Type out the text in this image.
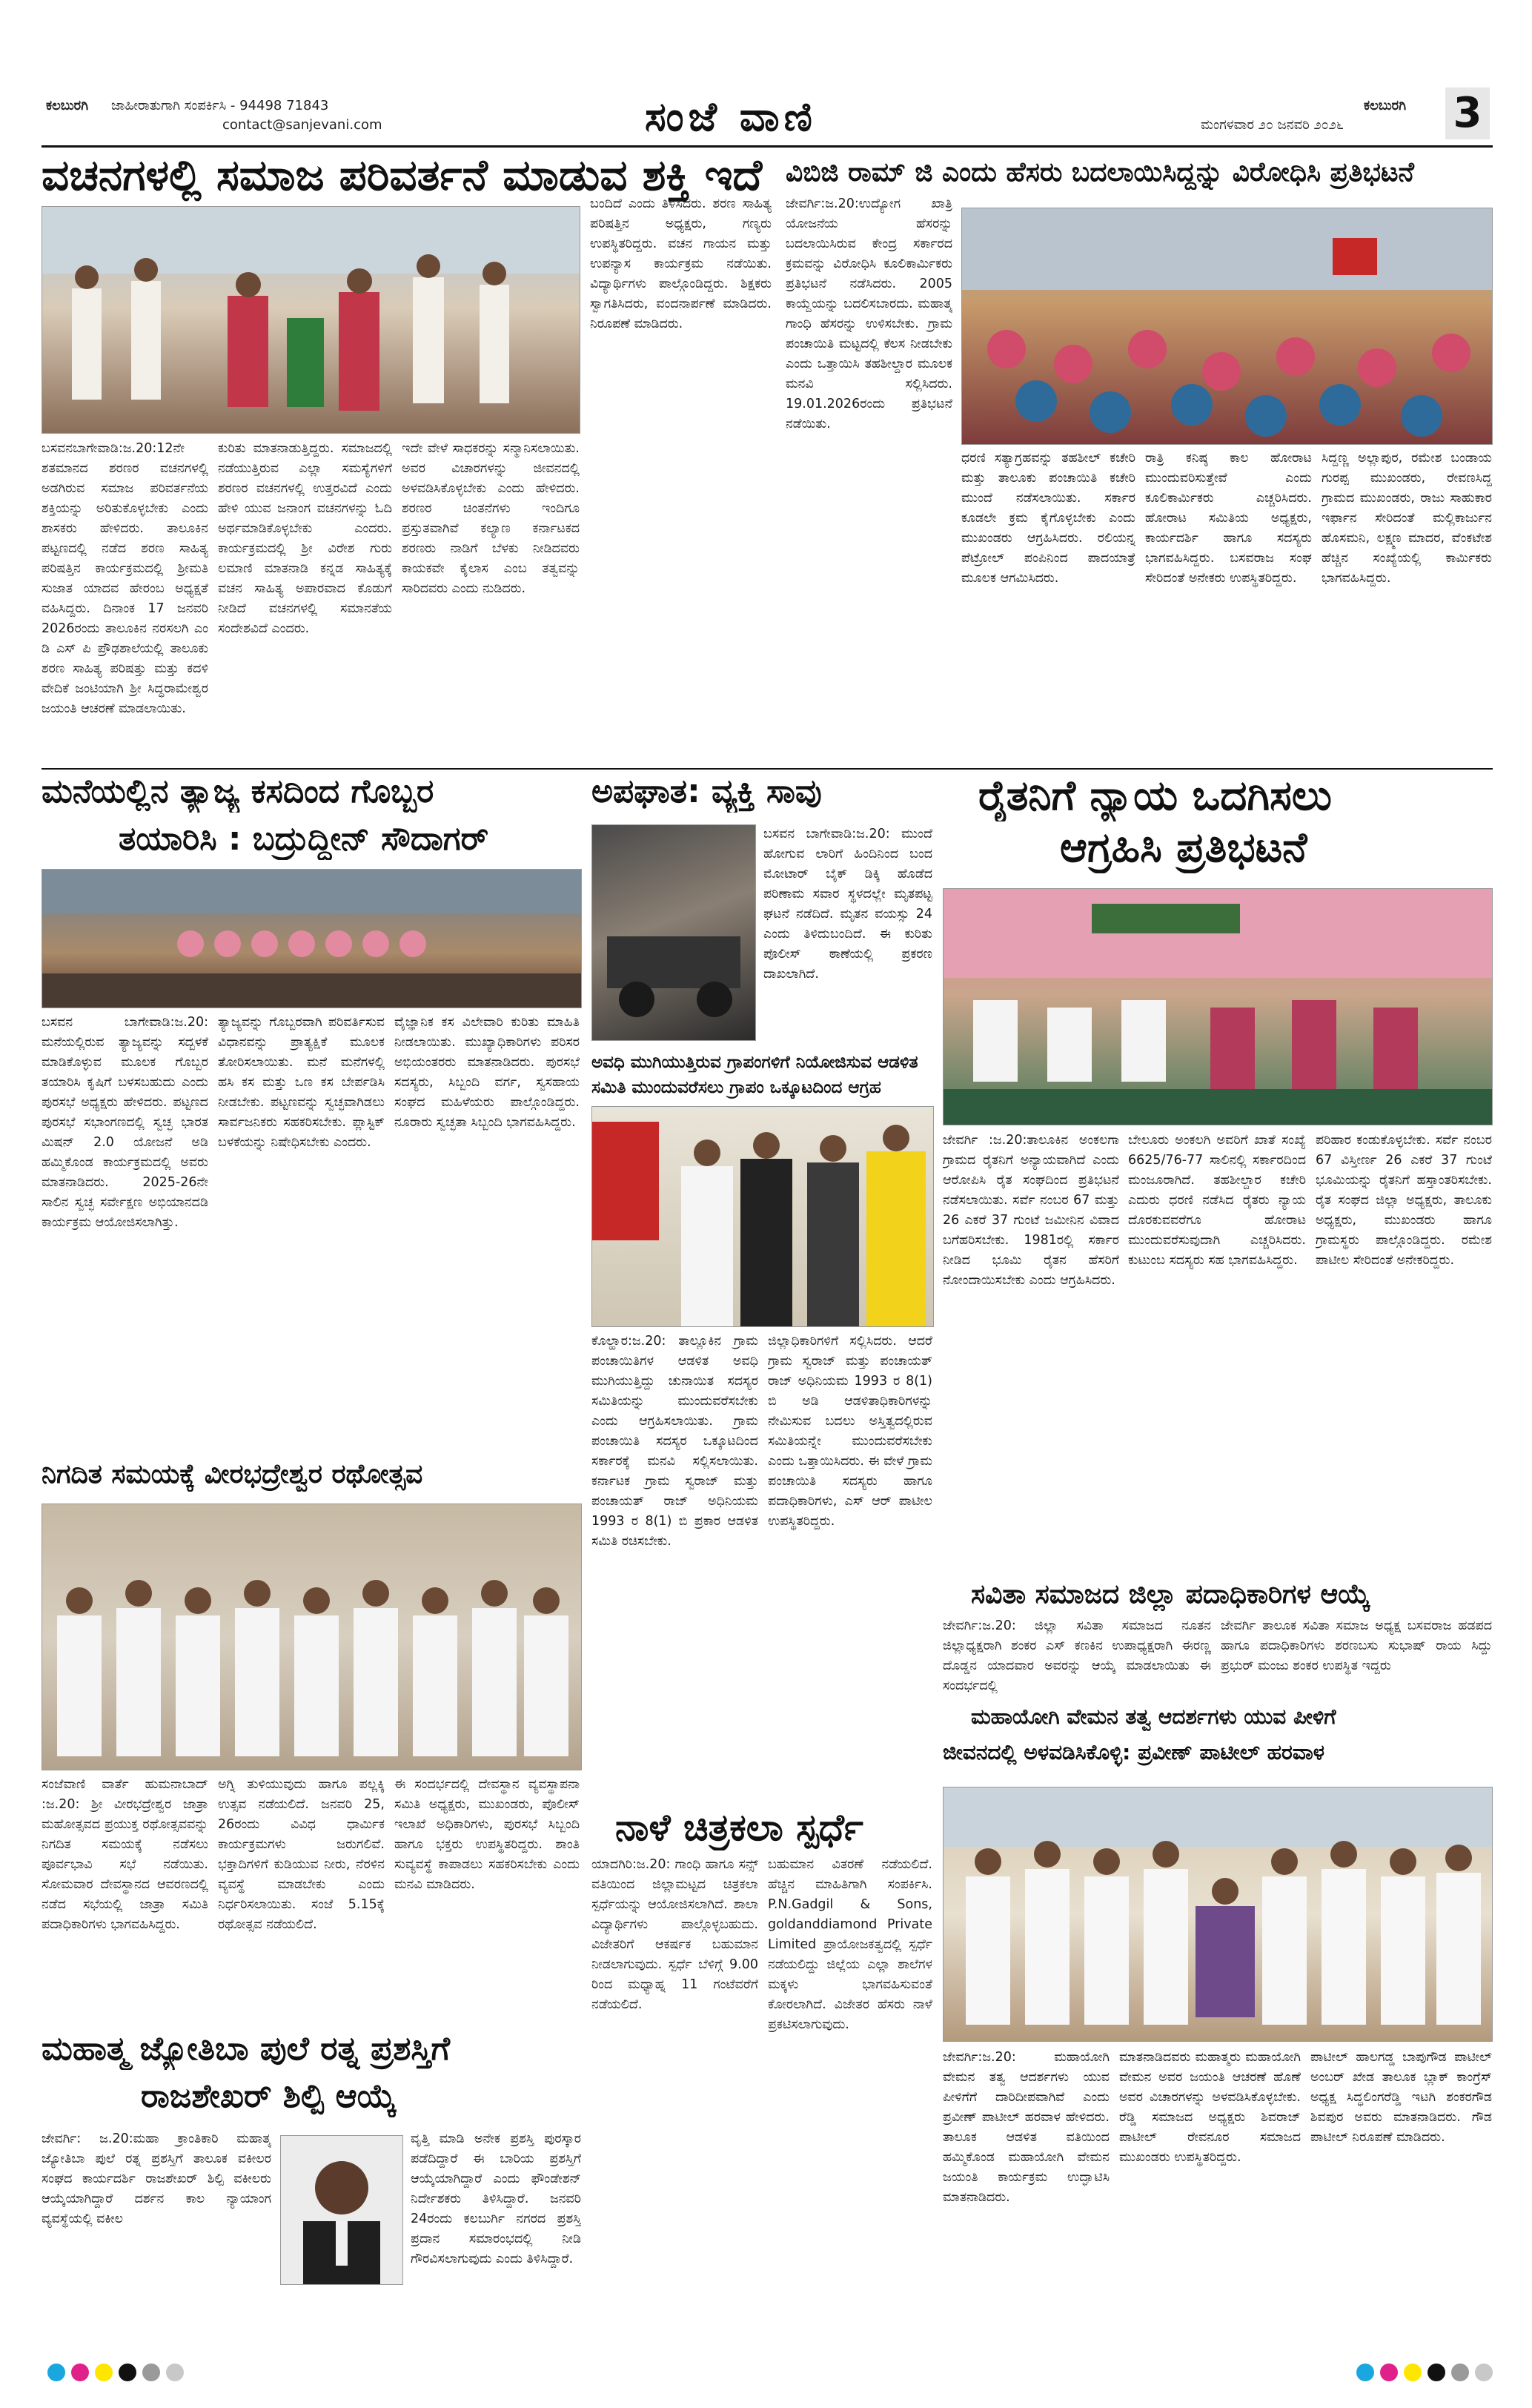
ಕಲಬುರಗಿ ಜಾಹೀರಾತುಗಾಗಿ ಸಂಪರ್ಕಿಸಿ - 94498 71843
contact@sanjevani.com	ಸಂಜೆ ವಾಣಿ	ಮಂಗಳವಾರ ೨೦ ಜನವರಿ ೨೦೨೬
ಕಲಬುರಗಿ 3
ವಚನಗಳಲ್ಲಿ ಸಮಾಜ ಪರಿವರ್ತನೆ ಮಾಡುವ ಶಕ್ತಿ ಇದೆ
ಬಸವನಬಾಗೇವಾಡಿ:ಜ.20:12ನೇ ಶತಮಾನದ ಶರಣರ ವಚನಗಳಲ್ಲಿ ಅಡಗಿರುವ ಸಮಾಜ ಪರಿವರ್ತನೆಯ ಶಕ್ತಿಯನ್ನು ಅರಿತುಕೊಳ್ಳಬೇಕು ಎಂದು ಶಾಸಕರು ಹೇಳಿದರು. ತಾಲೂಕಿನ ಪಟ್ಟಣದಲ್ಲಿ ನಡೆದ ಶರಣ ಸಾಹಿತ್ಯ ಪರಿಷತ್ತಿನ ಕಾರ್ಯಕ್ರಮದಲ್ಲಿ ಶ್ರೀಮತಿ ಸುಜಾತ ಯಾದವ ಹೇರಂಬ ಅಧ್ಯಕ್ಷತೆ ವಹಿಸಿದ್ದರು. ದಿನಾಂಕ 17 ಜನವರಿ 2026ರಂದು ತಾಲೂಕಿನ ನರಸಲಗಿ ಎಂ ಡಿ ಎಸ್ ಪಿ ಪ್ರೌಢಶಾಲೆಯಲ್ಲಿ ತಾಲೂಕು ಶರಣ ಸಾಹಿತ್ಯ ಪರಿಷತ್ತು ಮತ್ತು ಕದಳಿ ವೇದಿಕೆ ಜಂಟಿಯಾಗಿ ಶ್ರೀ ಸಿದ್ಧರಾಮೇಶ್ವರ ಜಯಂತಿ ಆಚರಣೆ ಮಾಡಲಾಯಿತು.
ಕುರಿತು ಮಾತನಾಡುತ್ತಿದ್ದರು. ಸಮಾಜದಲ್ಲಿ ನಡೆಯುತ್ತಿರುವ ಎಲ್ಲಾ ಸಮಸ್ಯೆಗಳಿಗೆ ಶರಣರ ವಚನಗಳಲ್ಲಿ ಉತ್ತರವಿದೆ ಎಂದು ಹೇಳಿ ಯುವ ಜನಾಂಗ ವಚನಗಳನ್ನು ಓದಿ ಅರ್ಥಮಾಡಿಕೊಳ್ಳಬೇಕು ಎಂದರು. ಕಾರ್ಯಕ್ರಮದಲ್ಲಿ ಶ್ರೀ ವಿರೇಶ ಗುರು ಲಮಾಣಿ ಮಾತನಾಡಿ ಕನ್ನಡ ಸಾಹಿತ್ಯಕ್ಕೆ ವಚನ ಸಾಹಿತ್ಯ ಅಪಾರವಾದ ಕೊಡುಗೆ ನೀಡಿದೆ ವಚನಗಳಲ್ಲಿ ಸಮಾನತೆಯ ಸಂದೇಶವಿದೆ ಎಂದರು.
ಇದೇ ವೇಳೆ ಸಾಧಕರನ್ನು ಸನ್ಮಾನಿಸಲಾಯಿತು. ಅವರ ವಿಚಾರಗಳನ್ನು ಜೀವನದಲ್ಲಿ ಅಳವಡಿಸಿಕೊಳ್ಳಬೇಕು ಎಂದು ಹೇಳಿದರು. ಶರಣರ ಚಿಂತನೆಗಳು ಇಂದಿಗೂ ಪ್ರಸ್ತುತವಾಗಿವೆ ಕಲ್ಯಾಣ ಕರ್ನಾಟಕದ ಶರಣರು ನಾಡಿಗೆ ಬೆಳಕು ನೀಡಿದವರು ಕಾಯಕವೇ ಕೈಲಾಸ ಎಂಬ ತತ್ವವನ್ನು ಸಾರಿದವರು ಎಂದು ನುಡಿದರು.
ಬಂದಿದೆ ಎಂದು ತಿಳಿಸಿದರು. ಶರಣ ಸಾಹಿತ್ಯ ಪರಿಷತ್ತಿನ ಅಧ್ಯಕ್ಷರು, ಗಣ್ಯರು ಉಪಸ್ಥಿತರಿದ್ದರು. ವಚನ ಗಾಯನ ಮತ್ತು ಉಪನ್ಯಾಸ ಕಾರ್ಯಕ್ರಮ ನಡೆಯಿತು. ವಿದ್ಯಾರ್ಥಿಗಳು ಪಾಲ್ಗೊಂಡಿದ್ದರು. ಶಿಕ್ಷಕರು ಸ್ವಾಗತಿಸಿದರು, ವಂದನಾರ್ಪಣೆ ಮಾಡಿದರು. ನಿರೂಪಣೆ ಮಾಡಿದರು.
ವಿಬಿಜಿ ರಾಮ್ ಜಿ ಎಂದು ಹೆಸರು ಬದಲಾಯಿಸಿದ್ದನ್ನು ವಿರೋಧಿಸಿ ಪ್ರತಿಭಟನೆ
ಜೇವರ್ಗಿ:ಜ.20:ಉದ್ಯೋಗ ಖಾತ್ರಿ ಯೋಜನೆಯ ಹೆಸರನ್ನು ಬದಲಾಯಿಸಿರುವ ಕೇಂದ್ರ ಸರ್ಕಾರದ ಕ್ರಮವನ್ನು ವಿರೋಧಿಸಿ ಕೂಲಿಕಾರ್ಮಿಕರು ಪ್ರತಿಭಟನೆ ನಡೆಸಿದರು. 2005 ಕಾಯ್ದೆಯನ್ನು ಬದಲಿಸಬಾರದು. ಮಹಾತ್ಮ ಗಾಂಧಿ ಹೆಸರನ್ನು ಉಳಿಸಬೇಕು. ಗ್ರಾಮ ಪಂಚಾಯಿತಿ ಮಟ್ಟದಲ್ಲಿ ಕೆಲಸ ನೀಡಬೇಕು ಎಂದು ಒತ್ತಾಯಿಸಿ ತಹಶೀಲ್ದಾರ ಮೂಲಕ ಮನವಿ ಸಲ್ಲಿಸಿದರು. 19.01.2026ರಂದು ಪ್ರತಿಭಟನೆ ನಡೆಯಿತು.
ಧರಣಿ ಸತ್ಯಾಗ್ರಹವನ್ನು ತಹಶೀಲ್ ಕಚೇರಿ ಮತ್ತು ತಾಲೂಕು ಪಂಚಾಯಿತಿ ಕಚೇರಿ ಮುಂದೆ ನಡೆಸಲಾಯಿತು. ಸರ್ಕಾರ ಕೂಡಲೇ ಕ್ರಮ ಕೈಗೊಳ್ಳಬೇಕು ಎಂದು ಮುಖಂಡರು ಆಗ್ರಹಿಸಿದರು. ರಲಿಯನ್ನ ಪೆಟ್ರೋಲ್ ಪಂಪಿನಿಂದ ಪಾದಯಾತ್ರೆ ಮೂಲಕ ಆಗಮಿಸಿದರು.
ರಾತ್ರಿ ಕನಿಷ್ಠ ಕಾಲ ಹೋರಾಟ ಮುಂದುವರಿಸುತ್ತೇವೆ ಎಂದು ಕೂಲಿಕಾರ್ಮಿಕರು ಎಚ್ಚರಿಸಿದರು. ಹೋರಾಟ ಸಮಿತಿಯ ಅಧ್ಯಕ್ಷರು, ಕಾರ್ಯದರ್ಶಿ ಹಾಗೂ ಸದಸ್ಯರು ಭಾಗವಹಿಸಿದ್ದರು. ಬಸವರಾಜ ಸಂಘ ಸೇರಿದಂತೆ ಅನೇಕರು ಉಪಸ್ಥಿತರಿದ್ದರು.
ಸಿದ್ದಣ್ಣ ಅಲ್ಲಾಪುರ, ರಮೇಶ ಬಂಡಾಯ ಗುರಪ್ಪ ಮುಖಂಡರು, ರೇವಣಸಿದ್ದ ಗ್ರಾಮದ ಮುಖಂಡರು, ರಾಜು ಸಾಹುಕಾರ ಇರ್ಫಾನ ಸೇರಿದಂತೆ ಮಲ್ಲಿಕಾರ್ಜುನ ಹೊಸಮನಿ, ಲಕ್ಷ್ಮಣ ಮಾದರ, ವೆಂಕಟೇಶ ಹೆಚ್ಚಿನ ಸಂಖ್ಯೆಯಲ್ಲಿ ಕಾರ್ಮಿಕರು ಭಾಗವಹಿಸಿದ್ದರು.
ಮನೆಯಲ್ಲಿನ ತ್ಯಾಜ್ಯ ಕಸದಿಂದ ಗೊಬ್ಬರ
ತಯಾರಿಸಿ : ಬದ್ರುದ್ದೀನ್ ಸೌದಾಗರ್
ಬಸವನ ಬಾಗೇವಾಡಿ:ಜ.20: ಮನೆಯಲ್ಲಿರುವ ತ್ಯಾಜ್ಯವನ್ನು ಸದ್ಬಳಕೆ ಮಾಡಿಕೊಳ್ಳುವ ಮೂಲಕ ಗೊಬ್ಬರ ತಯಾರಿಸಿ ಕೃಷಿಗೆ ಬಳಸಬಹುದು ಎಂದು ಪುರಸಭೆ ಅಧ್ಯಕ್ಷರು ಹೇಳಿದರು. ಪಟ್ಟಣದ ಪುರಸಭೆ ಸಭಾಂಗಣದಲ್ಲಿ ಸ್ವಚ್ಛ ಭಾರತ ಮಿಷನ್ 2.0 ಯೋಜನೆ ಅಡಿ ಹಮ್ಮಿಕೊಂಡ ಕಾರ್ಯಕ್ರಮದಲ್ಲಿ ಅವರು ಮಾತನಾಡಿದರು. 2025-26ನೇ ಸಾಲಿನ ಸ್ವಚ್ಛ ಸರ್ವೇಕ್ಷಣ ಅಭಿಯಾನದಡಿ ಕಾರ್ಯಕ್ರಮ ಆಯೋಜಿಸಲಾಗಿತ್ತು.
ತ್ಯಾಜ್ಯವನ್ನು ಗೊಬ್ಬರವಾಗಿ ಪರಿವರ್ತಿಸುವ ವಿಧಾನವನ್ನು ಪ್ರಾತ್ಯಕ್ಷಿಕೆ ಮೂಲಕ ತೋರಿಸಲಾಯಿತು. ಮನೆ ಮನೆಗಳಲ್ಲಿ ಹಸಿ ಕಸ ಮತ್ತು ಒಣ ಕಸ ಬೇರ್ಪಡಿಸಿ ನೀಡಬೇಕು. ಪಟ್ಟಣವನ್ನು ಸ್ವಚ್ಛವಾಗಿಡಲು ಸಾರ್ವಜನಿಕರು ಸಹಕರಿಸಬೇಕು. ಪ್ಲಾಸ್ಟಿಕ್ ಬಳಕೆಯನ್ನು ನಿಷೇಧಿಸಬೇಕು ಎಂದರು.
ವೈಜ್ಞಾನಿಕ ಕಸ ವಿಲೇವಾರಿ ಕುರಿತು ಮಾಹಿತಿ ನೀಡಲಾಯಿತು. ಮುಖ್ಯಾಧಿಕಾರಿಗಳು ಪರಿಸರ ಅಭಿಯಂತರರು ಮಾತನಾಡಿದರು. ಪುರಸಭೆ ಸದಸ್ಯರು, ಸಿಬ್ಬಂದಿ ವರ್ಗ, ಸ್ವಸಹಾಯ ಸಂಘದ ಮಹಿಳೆಯರು ಪಾಲ್ಗೊಂಡಿದ್ದರು. ನೂರಾರು ಸ್ವಚ್ಛತಾ ಸಿಬ್ಬಂದಿ ಭಾಗವಹಿಸಿದ್ದರು.
ಅಪಘಾತ: ವ್ಯಕ್ತಿ ಸಾವು
ಬಸವನ ಬಾಗೇವಾಡಿ:ಜ.20: ಮುಂದೆ ಹೋಗುವ ಲಾರಿಗೆ ಹಿಂದಿನಿಂದ ಬಂದ ಮೋಟಾರ್ ಬೈಕ್ ಡಿಕ್ಕಿ ಹೊಡೆದ ಪರಿಣಾಮ ಸವಾರ ಸ್ಥಳದಲ್ಲೇ ಮೃತಪಟ್ಟ ಘಟನೆ ನಡೆದಿದೆ. ಮೃತನ ವಯಸ್ಸು 24 ಎಂದು ತಿಳಿದುಬಂದಿದೆ. ಈ ಕುರಿತು ಪೊಲೀಸ್ ಠಾಣೆಯಲ್ಲಿ ಪ್ರಕರಣ ದಾಖಲಾಗಿದೆ.
ಅವಧಿ ಮುಗಿಯುತ್ತಿರುವ ಗ್ರಾಪಂಗಳಿಗೆ ನಿಯೋಜಿಸುವ ಆಡಳಿತ
ಸಮಿತಿ ಮುಂದುವರೆಸಲು ಗ್ರಾಪಂ ಒಕ್ಕೂಟದಿಂದ ಆಗ್ರಹ
ಕೊಲ್ಹಾರ:ಜ.20: ತಾಲ್ಲೂಕಿನ ಗ್ರಾಮ ಪಂಚಾಯಿತಿಗಳ ಆಡಳಿತ ಅವಧಿ ಮುಗಿಯುತ್ತಿದ್ದು ಚುನಾಯಿತ ಸದಸ್ಯರ ಸಮಿತಿಯನ್ನು ಮುಂದುವರೆಸಬೇಕು ಎಂದು ಆಗ್ರಹಿಸಲಾಯಿತು. ಗ್ರಾಮ ಪಂಚಾಯಿತಿ ಸದಸ್ಯರ ಒಕ್ಕೂಟದಿಂದ ಸರ್ಕಾರಕ್ಕೆ ಮನವಿ ಸಲ್ಲಿಸಲಾಯಿತು. ಕರ್ನಾಟಕ ಗ್ರಾಮ ಸ್ವರಾಜ್ ಮತ್ತು ಪಂಚಾಯತ್ ರಾಜ್ ಅಧಿನಿಯಮ 1993 ರ 8(1) ಬಿ ಪ್ರಕಾರ ಆಡಳಿತ ಸಮಿತಿ ರಚಿಸಬೇಕು.
ಜಿಲ್ಲಾಧಿಕಾರಿಗಳಿಗೆ ಸಲ್ಲಿಸಿದರು. ಆದರೆ ಗ್ರಾಮ ಸ್ವರಾಜ್ ಮತ್ತು ಪಂಚಾಯತ್ ರಾಜ್ ಅಧಿನಿಯಮ 1993 ರ 8(1) ಬಿ ಅಡಿ ಆಡಳಿತಾಧಿಕಾರಿಗಳನ್ನು ನೇಮಿಸುವ ಬದಲು ಅಸ್ತಿತ್ವದಲ್ಲಿರುವ ಸಮಿತಿಯನ್ನೇ ಮುಂದುವರೆಸಬೇಕು ಎಂದು ಒತ್ತಾಯಿಸಿದರು. ಈ ವೇಳೆ ಗ್ರಾಮ ಪಂಚಾಯಿತಿ ಸದಸ್ಯರು ಹಾಗೂ ಪದಾಧಿಕಾರಿಗಳು, ಎಸ್ ಆರ್ ಪಾಟೀಲ ಉಪಸ್ಥಿತರಿದ್ದರು.
ರೈತನಿಗೆ ನ್ಯಾಯ ಒದಗಿಸಲು
ಆಗ್ರಹಿಸಿ ಪ್ರತಿಭಟನೆ
ಜೇವರ್ಗಿ :ಜ.20:ತಾಲೂಕಿನ ಅಂಕಲಗಾ ಗ್ರಾಮದ ರೈತನಿಗೆ ಅನ್ಯಾಯವಾಗಿದೆ ಎಂದು ಆರೋಪಿಸಿ ರೈತ ಸಂಘದಿಂದ ಪ್ರತಿಭಟನೆ ನಡೆಸಲಾಯಿತು. ಸರ್ವೆ ನಂಬರ 67 ಮತ್ತು 26 ಎಕರೆ 37 ಗುಂಟೆ ಜಮೀನಿನ ವಿವಾದ ಬಗೆಹರಿಸಬೇಕು. 1981ರಲ್ಲಿ ಸರ್ಕಾರ ನೀಡಿದ ಭೂಮಿ ರೈತನ ಹೆಸರಿಗೆ ನೋಂದಾಯಿಸಬೇಕು ಎಂದು ಆಗ್ರಹಿಸಿದರು.
ಬೇಲೂರು ಅಂಕಲಗಿ ಅವರಿಗೆ ಖಾತೆ ಸಂಖ್ಯೆ 6625/76-77 ಸಾಲಿನಲ್ಲಿ ಸರ್ಕಾರದಿಂದ ಮಂಜೂರಾಗಿದೆ. ತಹಶೀಲ್ದಾರ ಕಚೇರಿ ಎದುರು ಧರಣಿ ನಡೆಸಿದ ರೈತರು ನ್ಯಾಯ ದೊರಕುವವರೆಗೂ ಹೋರಾಟ ಮುಂದುವರೆಸುವುದಾಗಿ ಎಚ್ಚರಿಸಿದರು. ಕುಟುಂಬ ಸದಸ್ಯರು ಸಹ ಭಾಗವಹಿಸಿದ್ದರು.
ಪರಿಹಾರ ಕಂಡುಕೊಳ್ಳಬೇಕು. ಸರ್ವೆ ನಂಬರ 67 ವಿಸ್ತೀರ್ಣ 26 ಎಕರೆ 37 ಗುಂಟೆ ಭೂಮಿಯನ್ನು ರೈತನಿಗೆ ಹಸ್ತಾಂತರಿಸಬೇಕು. ರೈತ ಸಂಘದ ಜಿಲ್ಲಾ ಅಧ್ಯಕ್ಷರು, ತಾಲೂಕು ಅಧ್ಯಕ್ಷರು, ಮುಖಂಡರು ಹಾಗೂ ಗ್ರಾಮಸ್ಥರು ಪಾಲ್ಗೊಂಡಿದ್ದರು. ರಮೇಶ ಪಾಟೀಲ ಸೇರಿದಂತೆ ಅನೇಕರಿದ್ದರು.
ನಿಗದಿತ ಸಮಯಕ್ಕೆ ವೀರಭದ್ರೇಶ್ವರ ರಥೋತ್ಸವ
ಸಂಜೆವಾಣಿ ವಾರ್ತೆ ಹುಮನಾಬಾದ್ :ಜ.20: ಶ್ರೀ ವೀರಭದ್ರೇಶ್ವರ ಜಾತ್ರಾ ಮಹೋತ್ಸವದ ಪ್ರಯುಕ್ತ ರಥೋತ್ಸವವನ್ನು ನಿಗದಿತ ಸಮಯಕ್ಕೆ ನಡೆಸಲು ಪೂರ್ವಭಾವಿ ಸಭೆ ನಡೆಯಿತು. ಸೋಮವಾರ ದೇವಸ್ಥಾನದ ಆವರಣದಲ್ಲಿ ನಡೆದ ಸಭೆಯಲ್ಲಿ ಜಾತ್ರಾ ಸಮಿತಿ ಪದಾಧಿಕಾರಿಗಳು ಭಾಗವಹಿಸಿದ್ದರು.
ಅಗ್ನಿ ತುಳಿಯುವುದು ಹಾಗೂ ಪಲ್ಲಕ್ಕಿ ಉತ್ಸವ ನಡೆಯಲಿದೆ. ಜನವರಿ 25, 26ರಂದು ವಿವಿಧ ಧಾರ್ಮಿಕ ಕಾರ್ಯಕ್ರಮಗಳು ಜರುಗಲಿವೆ. ಭಕ್ತಾದಿಗಳಿಗೆ ಕುಡಿಯುವ ನೀರು, ನೆರಳಿನ ವ್ಯವಸ್ಥೆ ಮಾಡಬೇಕು ಎಂದು ನಿರ್ಧರಿಸಲಾಯಿತು. ಸಂಜೆ 5.15ಕ್ಕೆ ರಥೋತ್ಸವ ನಡೆಯಲಿದೆ.
ಈ ಸಂದರ್ಭದಲ್ಲಿ ದೇವಸ್ಥಾನ ವ್ಯವಸ್ಥಾಪನಾ ಸಮಿತಿ ಅಧ್ಯಕ್ಷರು, ಮುಖಂಡರು, ಪೊಲೀಸ್ ಇಲಾಖೆ ಅಧಿಕಾರಿಗಳು, ಪುರಸಭೆ ಸಿಬ್ಬಂದಿ ಹಾಗೂ ಭಕ್ತರು ಉಪಸ್ಥಿತರಿದ್ದರು. ಶಾಂತಿ ಸುವ್ಯವಸ್ಥೆ ಕಾಪಾಡಲು ಸಹಕರಿಸಬೇಕು ಎಂದು ಮನವಿ ಮಾಡಿದರು.
ನಾಳೆ ಚಿತ್ರಕಲಾ ಸ್ಪರ್ಧೆ
ಯಾದಗಿರಿ:ಜ.20: ಗಾಂಧಿ ಹಾಗೂ ಸನ್ಸ್ ವತಿಯಿಂದ ಜಿಲ್ಲಾಮಟ್ಟದ ಚಿತ್ರಕಲಾ ಸ್ಪರ್ಧೆಯನ್ನು ಆಯೋಜಿಸಲಾಗಿದೆ. ಶಾಲಾ ವಿದ್ಯಾರ್ಥಿಗಳು ಪಾಲ್ಗೊಳ್ಳಬಹುದು. ವಿಜೇತರಿಗೆ ಆಕರ್ಷಕ ಬಹುಮಾನ ನೀಡಲಾಗುವುದು. ಸ್ಪರ್ಧೆ ಬೆಳಿಗ್ಗೆ 9.00 ರಿಂದ ಮಧ್ಯಾಹ್ನ 11 ಗಂಟೆವರೆಗೆ ನಡೆಯಲಿದೆ.
ಬಹುಮಾನ ವಿತರಣೆ ನಡೆಯಲಿದೆ. ಹೆಚ್ಚಿನ ಮಾಹಿತಿಗಾಗಿ ಸಂಪರ್ಕಿಸಿ. P.N.Gadgil & Sons, goldanddiamond Private Limited ಪ್ರಾಯೋಜಕತ್ವದಲ್ಲಿ ಸ್ಪರ್ಧೆ ನಡೆಯಲಿದ್ದು ಜಿಲ್ಲೆಯ ಎಲ್ಲಾ ಶಾಲೆಗಳ ಮಕ್ಕಳು ಭಾಗವಹಿಸುವಂತೆ ಕೋರಲಾಗಿದೆ. ವಿಜೇತರ ಹೆಸರು ನಾಳೆ ಪ್ರಕಟಿಸಲಾಗುವುದು.
ಸವಿತಾ ಸಮಾಜದ ಜಿಲ್ಲಾ ಪದಾಧಿಕಾರಿಗಳ ಆಯ್ಕೆ
ಜೇವರ್ಗಿ:ಜ.20: ಜಿಲ್ಲಾ ಸವಿತಾ ಸಮಾಜದ ನೂತನ ಜಿಲ್ಲಾಧ್ಯಕ್ಷರಾಗಿ ಶಂಕರ ಎಸ್ ಕಣಕಿನ ಉಪಾಧ್ಯಕ್ಷರಾಗಿ ಈರಣ್ಣ ದೊಡ್ಡನ ಯಾದವಾರ ಅವರನ್ನು ಆಯ್ಕೆ ಮಾಡಲಾಯಿತು ಈ ಸಂದರ್ಭದಲ್ಲಿ
ಜೇವರ್ಗಿ ತಾಲೂಕ ಸವಿತಾ ಸಮಾಜ ಅಧ್ಯಕ್ಷ ಬಸವರಾಜ ಹಡಪದ ಹಾಗೂ ಪದಾಧಿಕಾರಿಗಳು ಶರಣಬಸು ಸುಭಾಷ್ ರಾಯ ಸಿದ್ದು ಪ್ರಭುರ್ ಮಂಜು ಶಂಕರ ಉಪಸ್ಥಿತ ಇದ್ದರು
ಮಹಾಯೋಗಿ ವೇಮನ ತತ್ವ ಆದರ್ಶಗಳು ಯುವ ಪೀಳಿಗೆ
ಜೀವನದಲ್ಲಿ ಅಳವಡಿಸಿಕೊಳ್ಳಿ: ಪ್ರವೀಣ್ ಪಾಟೀಲ್ ಹರವಾಳ
ಜೇವರ್ಗಿ:ಜ.20: ಮಹಾಯೋಗಿ ವೇಮನ ತತ್ವ ಆದರ್ಶಗಳು ಯುವ ಪೀಳಿಗೆಗೆ ದಾರಿದೀಪವಾಗಿವೆ ಎಂದು ಪ್ರವೀಣ್ ಪಾಟೀಲ್ ಹರವಾಳ ಹೇಳಿದರು. ತಾಲೂಕ ಆಡಳಿತ ವತಿಯಿಂದ ಹಮ್ಮಿಕೊಂಡ ಮಹಾಯೋಗಿ ವೇಮನ ಜಯಂತಿ ಕಾರ್ಯಕ್ರಮ ಉದ್ಘಾಟಿಸಿ ಮಾತನಾಡಿದರು.
ಮಾತನಾಡಿದವರು ಮಹಾತ್ಮರು ಮಹಾಯೋಗಿ ವೇಮನ ಅವರ ಜಯಂತಿ ಆಚರಣೆ ಹೊಣೆ ಅವರ ವಿಚಾರಗಳನ್ನು ಅಳವಡಿಸಿಕೊಳ್ಳಬೇಕು. ರೆಡ್ಡಿ ಸಮಾಜದ ಅಧ್ಯಕ್ಷರು ಶಿವರಾಜ್ ಪಾಟೀಲ್ ರೇವನೂರ ಸಮಾಜದ ಮುಖಂಡರು ಉಪಸ್ಥಿತರಿದ್ದರು.
ಪಾಟೀಲ್ ಹಾಲಗಡ್ಡ ಬಾಪುಗೌಡ ಪಾಟೀಲ್ ಅಂಬರ್ ಖೇಡ ತಾಲೂಕ ಬ್ಲಾಕ್ ಕಾಂಗ್ರೆಸ್ ಅಧ್ಯಕ್ಷ ಸಿದ್ಧಲಿಂಗರೆಡ್ಡಿ ಇಟಗಿ ಶಂಕರಗೌಡ ಶಿವಪುರ ಅವರು ಮಾತನಾಡಿದರು. ಗೌಡ ಪಾಟೀಲ್ ನಿರೂಪಣೆ ಮಾಡಿದರು.
ಮಹಾತ್ಮ ಜ್ಯೋತಿಬಾ ಪುಲೆ ರತ್ನ ಪ್ರಶಸ್ತಿಗೆ
ರಾಜಶೇಖರ್ ಶಿಲ್ಪಿ ಆಯ್ಕೆ
ಜೇವರ್ಗಿ: ಜ.20:ಮಹಾ ಕ್ರಾಂತಿಕಾರಿ ಮಹಾತ್ಮ ಜ್ಯೋತಿಬಾ ಪುಲೆ ರತ್ನ ಪ್ರಶಸ್ತಿಗೆ ತಾಲೂಕ ವಕೀಲರ ಸಂಘದ ಕಾರ್ಯದರ್ಶಿ ರಾಜಶೇಖರ್ ಶಿಲ್ಪಿ ವಕೀಲರು ಆಯ್ಕೆಯಾಗಿದ್ದಾರೆ ದರ್ಶನ ಕಾಲ ನ್ಯಾಯಾಂಗ ವ್ಯವಸ್ಥೆಯಲ್ಲಿ ವಕೀಲ
ವೃತ್ತಿ ಮಾಡಿ ಅನೇಕ ಪ್ರಶಸ್ತಿ ಪುರಸ್ಕಾರ ಪಡೆದಿದ್ದಾರೆ ಈ ಬಾರಿಯ ಪ್ರಶಸ್ತಿಗೆ ಆಯ್ಕೆಯಾಗಿದ್ದಾರೆ ಎಂದು ಫೌಂಡೇಶನ್ ನಿರ್ದೇಶಕರು ತಿಳಿಸಿದ್ದಾರೆ. ಜನವರಿ 24ರಂದು ಕಲಬುರ್ಗಿ ನಗರದ ಪ್ರಶಸ್ತಿ ಪ್ರದಾನ ಸಮಾರಂಭದಲ್ಲಿ ನೀಡಿ ಗೌರವಿಸಲಾಗುವುದು ಎಂದು ತಿಳಿಸಿದ್ದಾರೆ.
